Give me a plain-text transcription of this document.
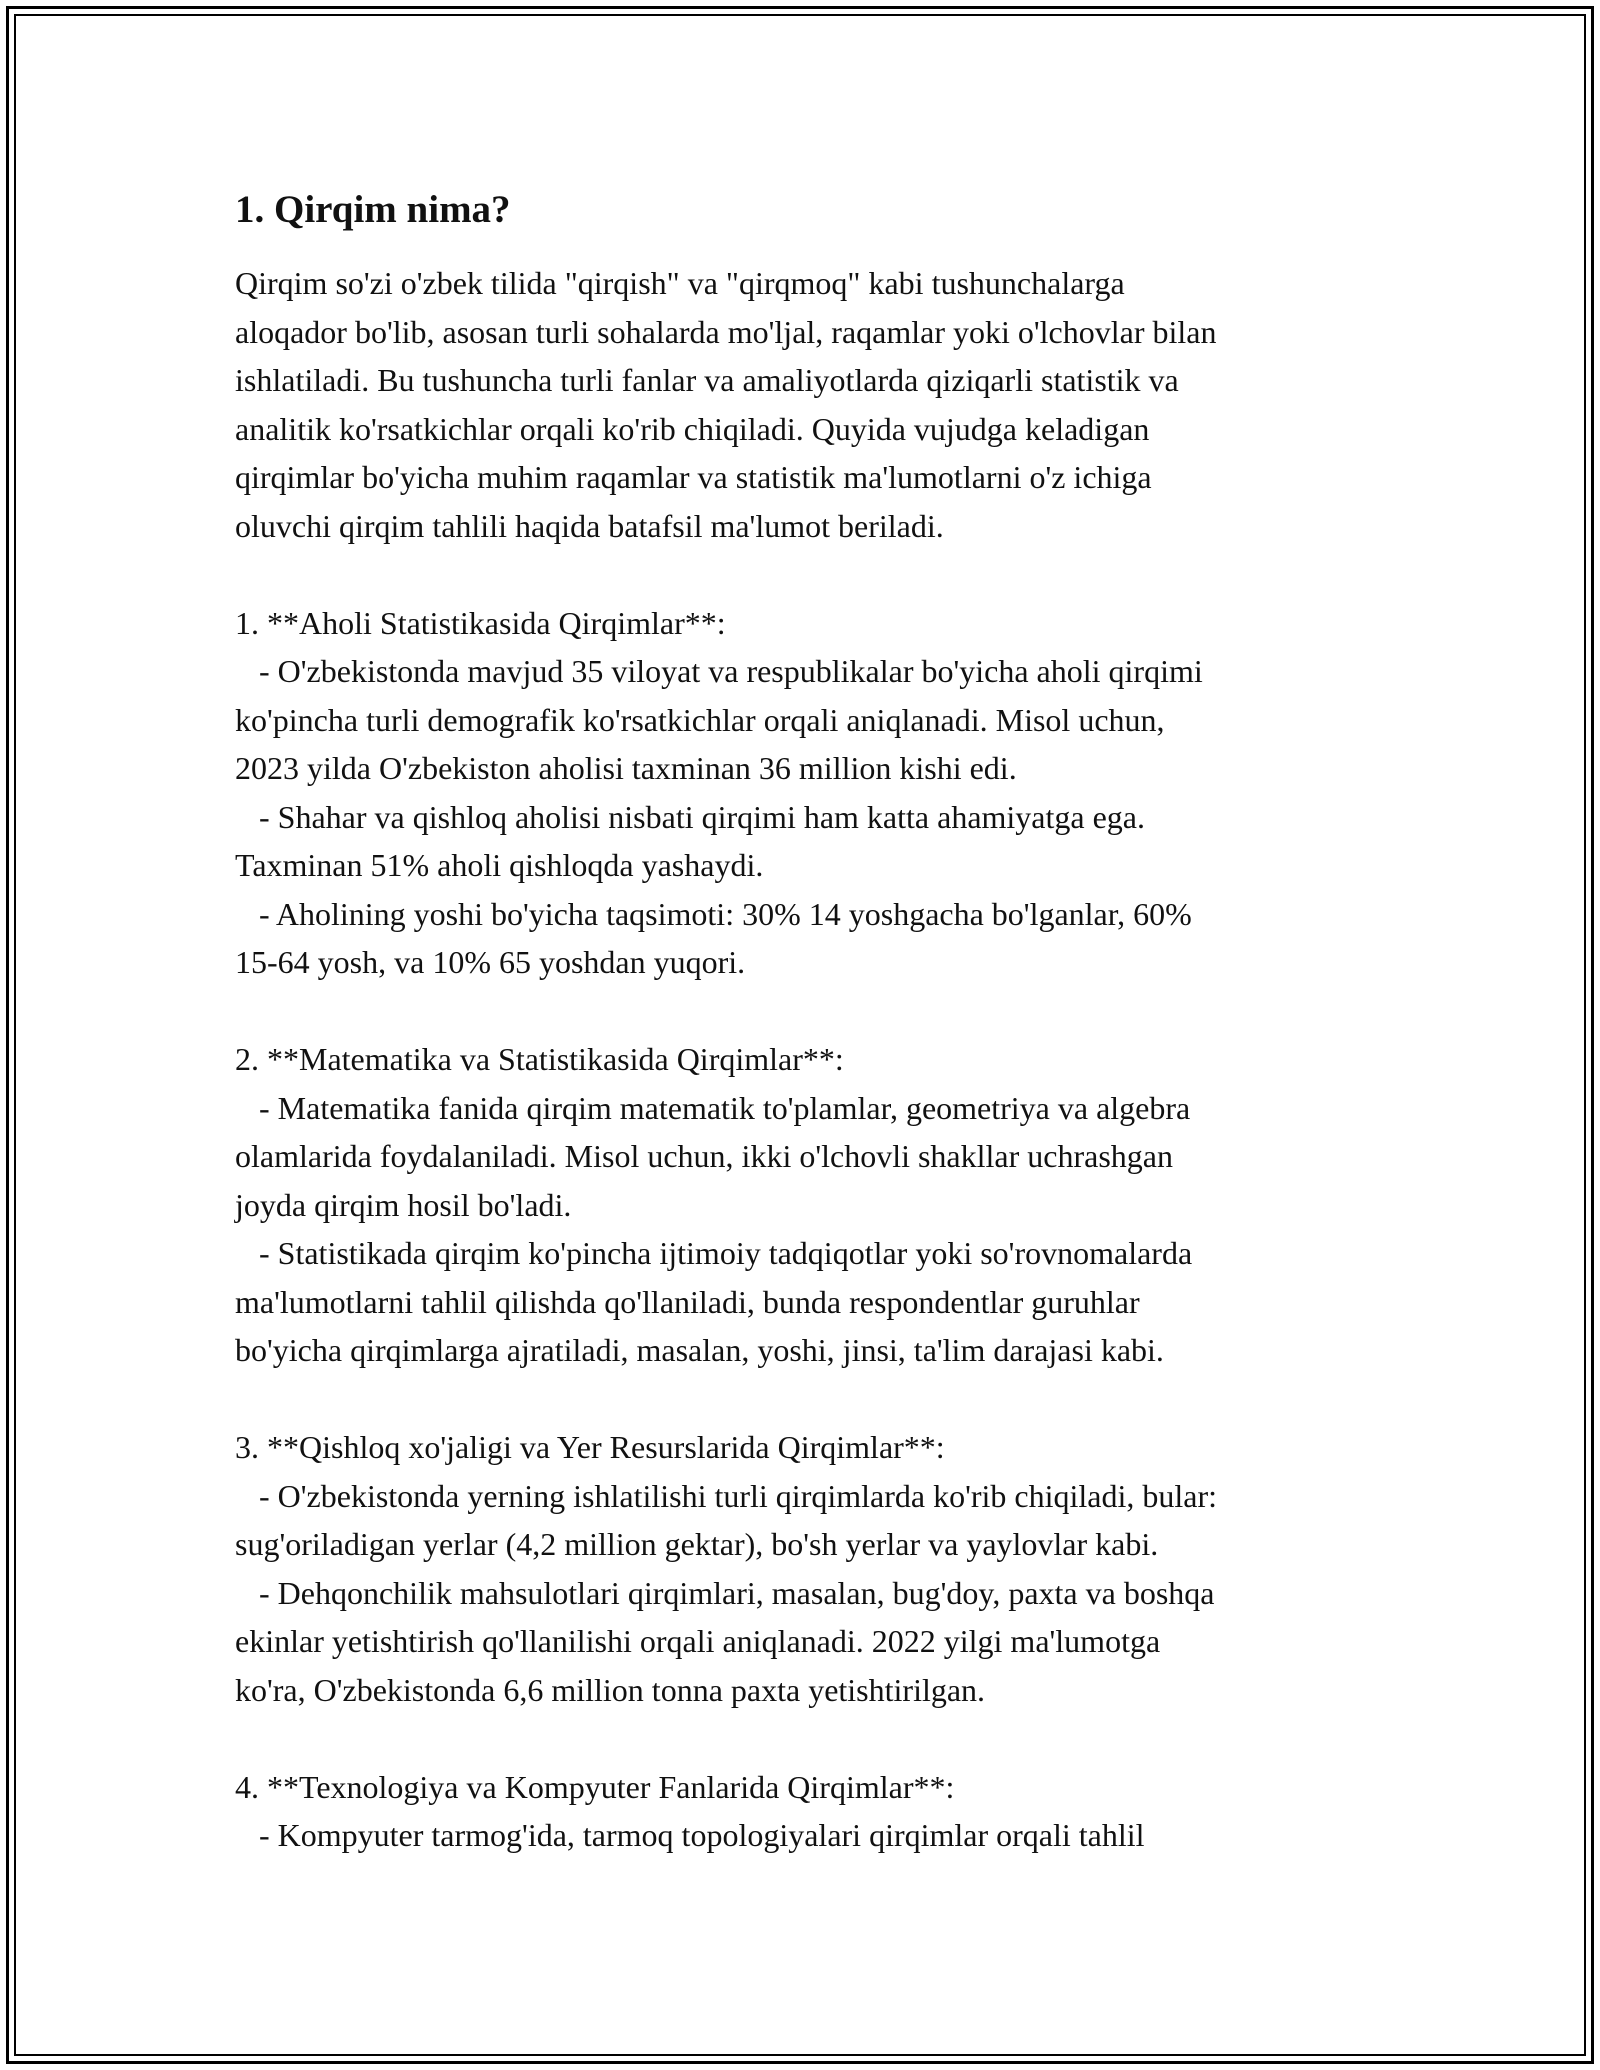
1. Qirqim nima?
Qirqim so'zi o'zbek tilida "qirqish" va "qirqmoq" kabi tushunchalarga
aloqador bo'lib, asosan turli sohalarda mo'ljal, raqamlar yoki o'lchovlar bilan
ishlatiladi. Bu tushuncha turli fanlar va amaliyotlarda qiziqarli statistik va
analitik ko'rsatkichlar orqali ko'rib chiqiladi. Quyida vujudga keladigan
qirqimlar bo'yicha muhim raqamlar va statistik ma'lumotlarni o'z ichiga
oluvchi qirqim tahlili haqida batafsil ma'lumot beriladi.
1. **Aholi Statistikasida Qirqimlar**:
- O'zbekistonda mavjud 35 viloyat va respublikalar bo'yicha aholi qirqimi
ko'pincha turli demografik ko'rsatkichlar orqali aniqlanadi. Misol uchun,
2023 yilda O'zbekiston aholisi taxminan 36 million kishi edi.
- Shahar va qishloq aholisi nisbati qirqimi ham katta ahamiyatga ega.
Taxminan 51% aholi qishloqda yashaydi.
- Aholining yoshi bo'yicha taqsimoti: 30% 14 yoshgacha bo'lganlar, 60%
15-64 yosh, va 10% 65 yoshdan yuqori.
2. **Matematika va Statistikasida Qirqimlar**:
- Matematika fanida qirqim matematik to'plamlar, geometriya va algebra
olamlarida foydalaniladi. Misol uchun, ikki o'lchovli shakllar uchrashgan
joyda qirqim hosil bo'ladi.
- Statistikada qirqim ko'pincha ijtimoiy tadqiqotlar yoki so'rovnomalarda
ma'lumotlarni tahlil qilishda qo'llaniladi, bunda respondentlar guruhlar
bo'yicha qirqimlarga ajratiladi, masalan, yoshi, jinsi, ta'lim darajasi kabi.
3. **Qishloq xo'jaligi va Yer Resurslarida Qirqimlar**:
- O'zbekistonda yerning ishlatilishi turli qirqimlarda ko'rib chiqiladi, bular:
sug'oriladigan yerlar (4,2 million gektar), bo'sh yerlar va yaylovlar kabi.
- Dehqonchilik mahsulotlari qirqimlari, masalan, bug'doy, paxta va boshqa
ekinlar yetishtirish qo'llanilishi orqali aniqlanadi. 2022 yilgi ma'lumotga
ko'ra, O'zbekistonda 6,6 million tonna paxta yetishtirilgan.
4. **Texnologiya va Kompyuter Fanlarida Qirqimlar**:
- Kompyuter tarmog'ida, tarmoq topologiyalari qirqimlar orqali tahlil
